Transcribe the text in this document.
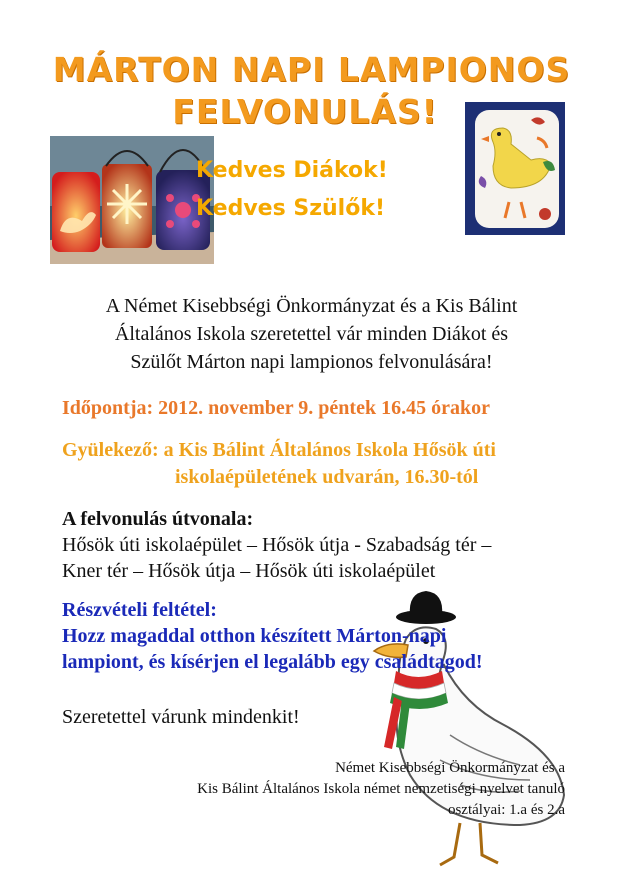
MÁRTON NAPI LAMPIONOS
FELVONULÁS!
Kedves Diákok!
Kedves Szülők!
A Német Kisebbségi Önkormányzat és a Kis Bálint
Általános Iskola szeretettel vár minden Diákot és
Szülőt Márton napi lampionos felvonulására!
Időpontja: 2012. november 9. péntek 16.45 órakor
Gyülekező: a Kis Bálint Általános Iskola Hősök úti
iskolaépületének udvarán, 16.30-tól
A felvonulás útvonala:
Hősök úti iskolaépület – Hősök útja - Szabadság tér –
Kner tér – Hősök útja – Hősök úti iskolaépület
Részvételi feltétel:
Hozz magaddal otthon készített Márton-napi
lampiont, és kísérjen el legalább egy családtagod!
Szeretettel várunk mindenkit!
Német Kisebbségi Önkormányzat és a
Kis Bálint Általános Iskola német nemzetiségi nyelvet tanuló
osztályai: 1.a és 2.a
